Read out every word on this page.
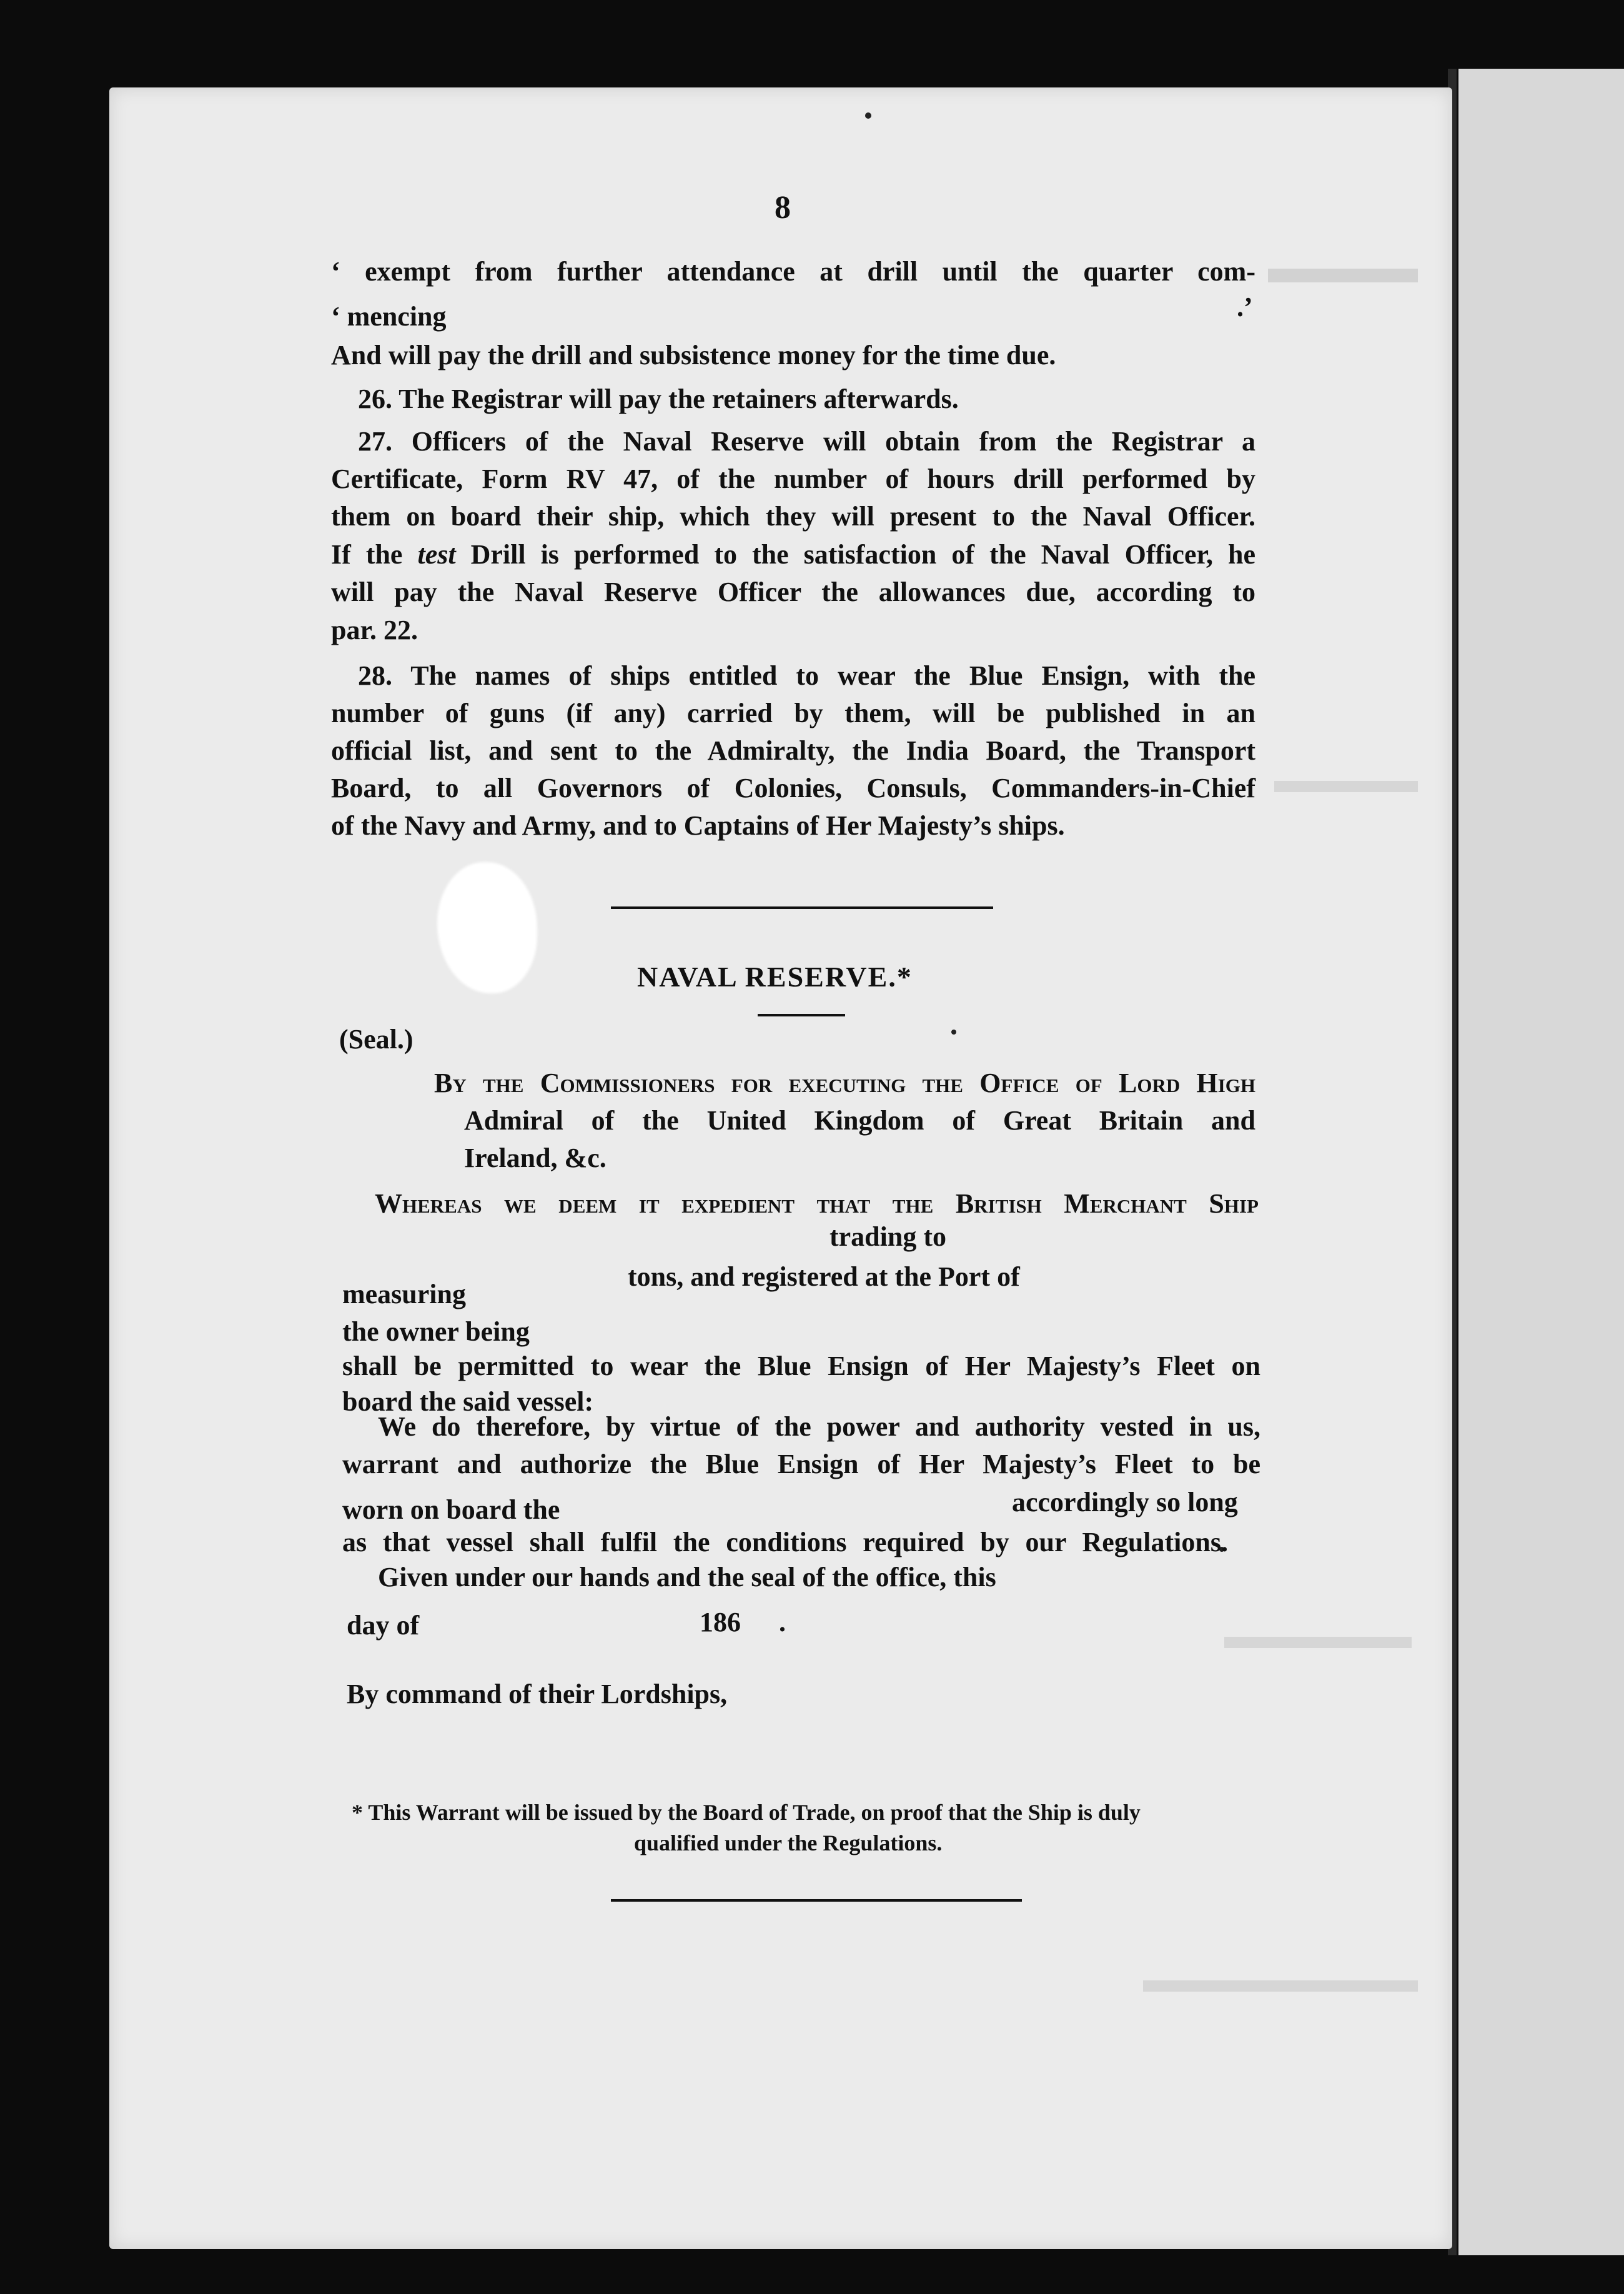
8
‘ exempt from further attendance at drill until the quarter com-
‘ mencing	.’
And will pay the drill and subsistence money for the time due.
26. The Registrar will pay the retainers afterwards.
27. Officers of the Naval Reserve will obtain from the Registrar a
Certificate, Form RV 47, of the number of hours drill performed by
them on board their ship, which they will present to the Naval Officer.
If the test Drill is performed to the satisfaction of the Naval Officer, he
will pay the Naval Reserve Officer the allowances due, according to
par. 22.
28. The names of ships entitled to wear the Blue Ensign, with the
number of guns (if any) carried by them, will be published in an
official list, and sent to the Admiralty, the India Board, the Transport
Board, to all Governors of Colonies, Consuls, Commanders-in-Chief
of the Navy and Army, and to Captains of Her Majesty’s ships.
NAVAL RESERVE.*
(Seal.)
By the Commissioners for executing the Office of Lord High
Admiral of the United Kingdom of Great Britain and
Ireland, &c.
Whereas we deem it expedient that the British Merchant Ship
trading to
measuring
tons, and registered at the Port of
the owner being
shall be permitted to wear the Blue Ensign of Her Majesty’s Fleet on
board the said vessel:
We do therefore, by virtue of the power and authority vested in us,
warrant and authorize the Blue Ensign of Her Majesty’s Fleet to be
worn on board the	accordingly so long
as that vessel shall fulfil the conditions required by our Regulations.
Given under our hands and the seal of the office, this
day of	186 .
By command of their Lordships,
* This Warrant will be issued by the Board of Trade, on proof that the Ship is duly
qualified under the Regulations.
